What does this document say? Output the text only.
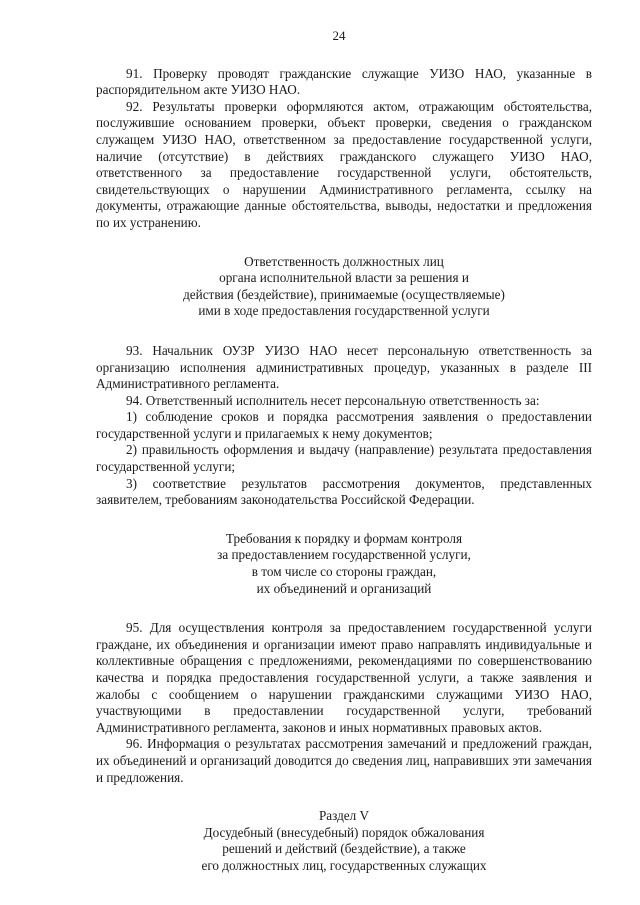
24

91. Проверку проводят гражданские служащие УИЗО НАО, указанные в распорядительном акте УИЗО НАО.

92. Результаты проверки оформляются актом, отражающим обстоятельства, послужившие основанием проверки, объект проверки, сведения о гражданском служащем УИЗО НАО, ответственном за предоставление государственной услуги, наличие (отсутствие) в действиях гражданского служащего УИЗО НАО, ответственного за предоставление государственной услуги, обстоятельств, свидетельствующих о нарушении Административного регламента, ссылку на документы, отражающие данные обстоятельства, выводы, недостатки и предложения по их устранению.

Ответственность должностных лиц
органа исполнительной власти за решения и
действия (бездействие), принимаемые (осуществляемые)
ими в ходе предоставления государственной услуги

93. Начальник ОУЗР УИЗО НАО несет персональную ответственность за организацию исполнения административных процедур, указанных в разделе III Административного регламента.

94. Ответственный исполнитель несет персональную ответственность за:

1) соблюдение сроков и порядка рассмотрения заявления о предоставлении государственной услуги и прилагаемых к нему документов;

2) правильность оформления и выдачу (направление) результата предоставления государственной услуги;

3) соответствие результатов рассмотрения документов, представленных заявителем, требованиям законодательства Российской Федерации.

Требования к порядку и формам контроля
за предоставлением государственной услуги,
в том числе со стороны граждан,
их объединений и организаций

95. Для осуществления контроля за предоставлением государственной услуги граждане, их объединения и организации имеют право направлять индивидуальные и коллективные обращения с предложениями, рекомендациями по совершенствованию качества и порядка предоставления государственной услуги, а также заявления и жалобы с сообщением о нарушении гражданскими служащими УИЗО НАО, участвующими в предоставлении государственной услуги, требований Административного регламента, законов и иных нормативных правовых актов.

96. Информация о результатах рассмотрения замечаний и предложений граждан, их объединений и организаций доводится до сведения лиц, направивших эти замечания и предложения.

Раздел V
Досудебный (внесудебный) порядок обжалования
решений и действий (бездействие), а также
его должностных лиц, государственных служащих
